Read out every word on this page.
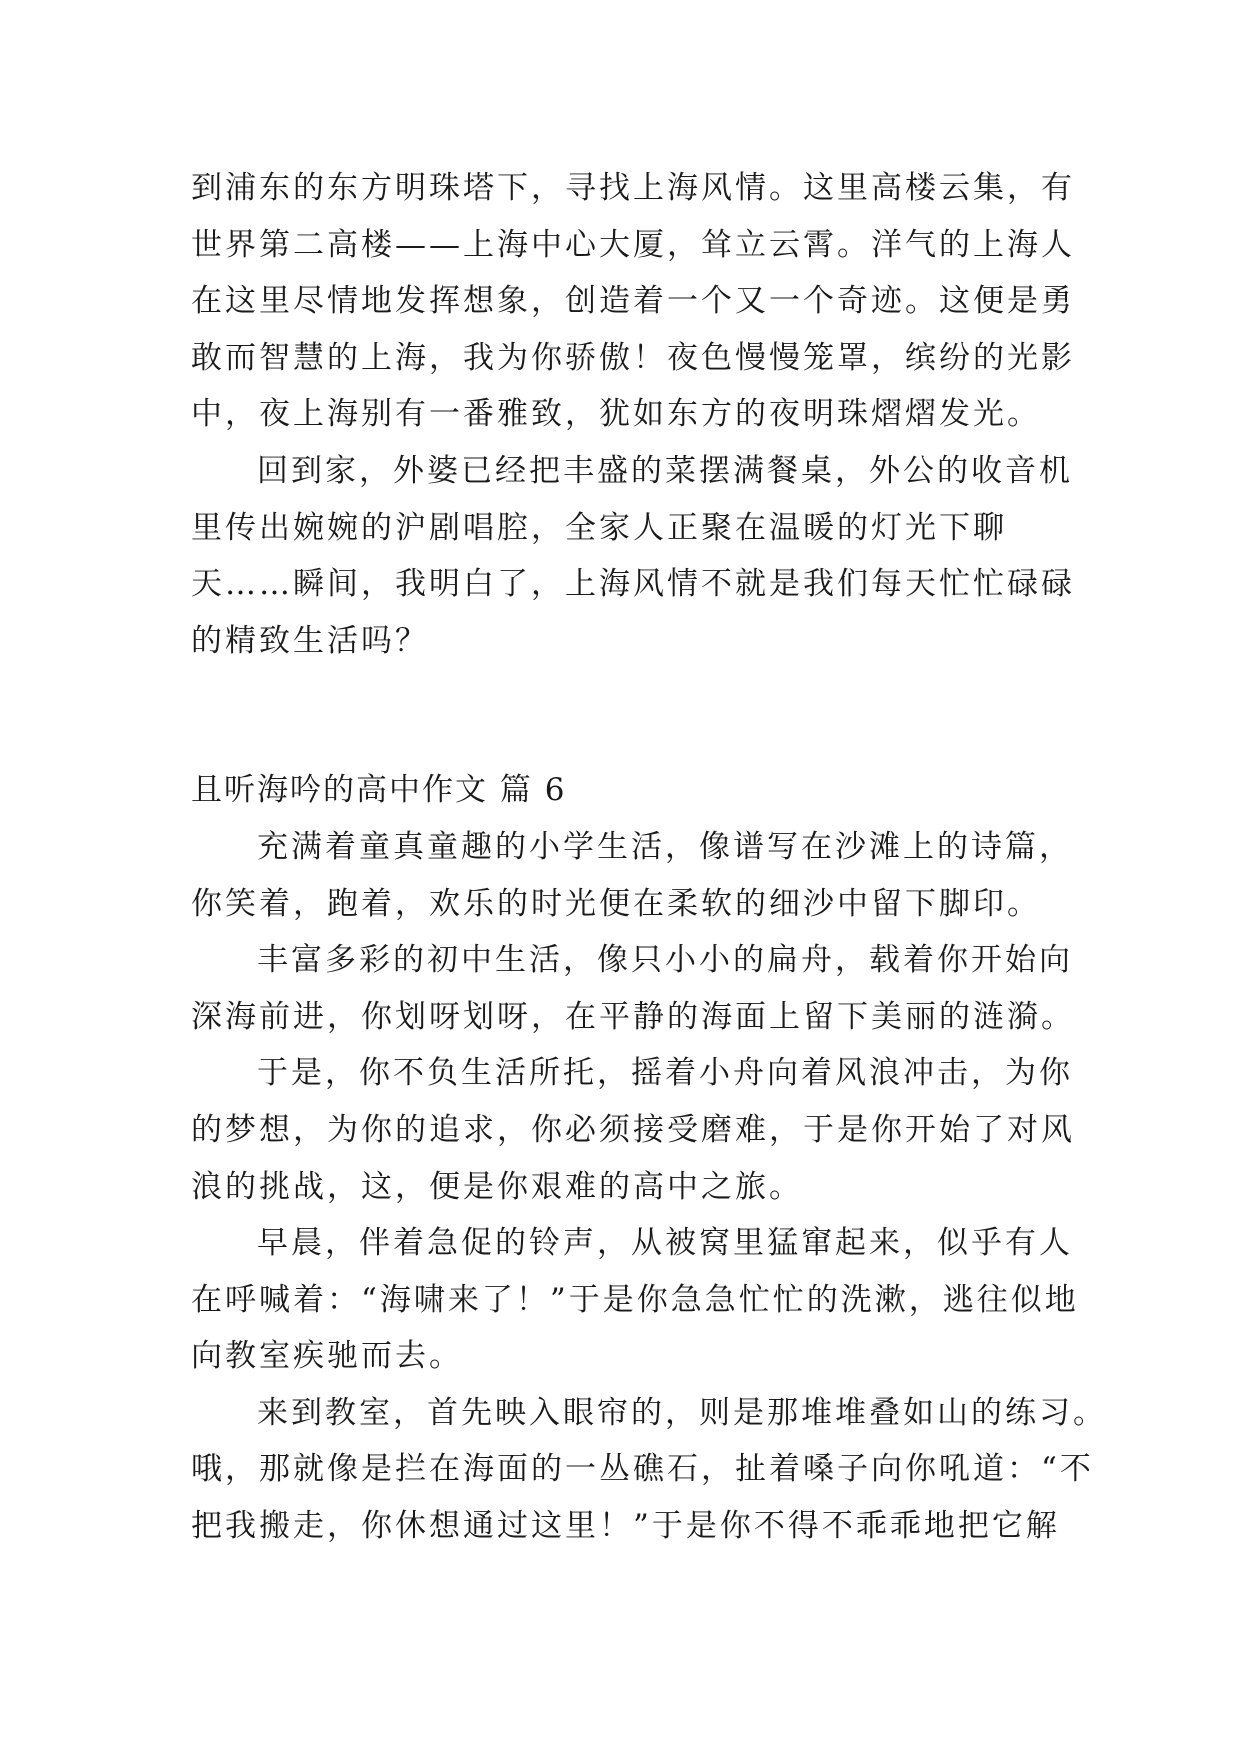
到浦东的东方明珠塔下，寻找上海风情。这里高楼云集，有
世界第二高楼——上海中心大厦，耸立云霄。洋气的上海人
在这里尽情地发挥想象，创造着一个又一个奇迹。这便是勇
敢而智慧的上海，我为你骄傲！夜色慢慢笼罩，缤纷的光影
中，夜上海别有一番雅致，犹如东方的夜明珠熠熠发光。
回到家，外婆已经把丰盛的菜摆满餐桌，外公的收音机
里传出婉婉的沪剧唱腔，全家人正聚在温暖的灯光下聊
天……瞬间，我明白了，上海风情不就是我们每天忙忙碌碌
的精致生活吗？
且听海吟的高中作文 篇 6
充满着童真童趣的小学生活，像谱写在沙滩上的诗篇，
你笑着，跑着，欢乐的时光便在柔软的细沙中留下脚印。
丰富多彩的初中生活，像只小小的扁舟，载着你开始向
深海前进，你划呀划呀，在平静的海面上留下美丽的涟漪。
于是，你不负生活所托，摇着小舟向着风浪冲击，为你
的梦想，为你的追求，你必须接受磨难，于是你开始了对风
浪的挑战，这，便是你艰难的高中之旅。
早晨，伴着急促的铃声，从被窝里猛窜起来，似乎有人
在呼喊着：“海啸来了！”于是你急急忙忙的洗漱，逃往似地
向教室疾驰而去。
来到教室，首先映入眼帘的，则是那堆堆叠如山的练习。
哦，那就像是拦在海面的一丛礁石，扯着嗓子向你吼道：“不
把我搬走，你休想通过这里！”于是你不得不乖乖地把它解
